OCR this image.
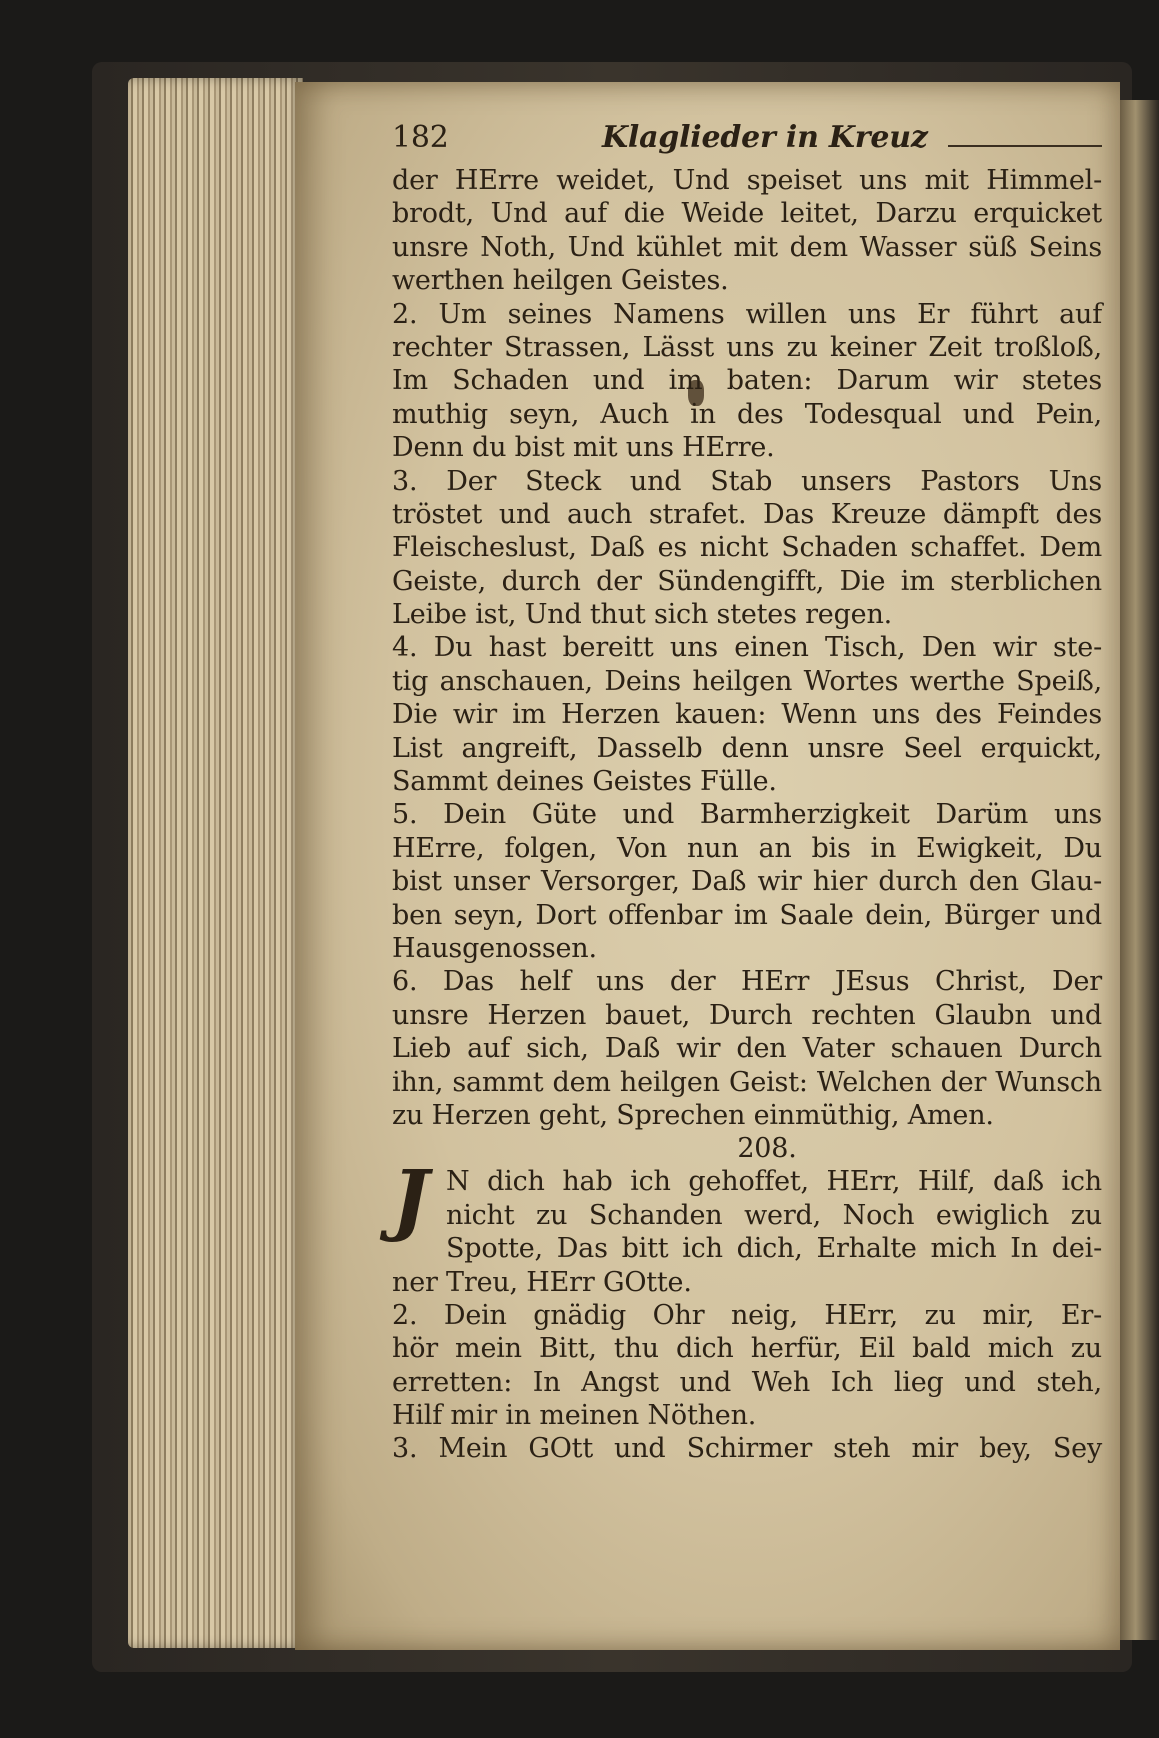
182	Klaglieder in Kreuz
der HErre weidet, Und speiset uns mit Himmel-
brodt, Und auf die Weide leitet, Darzu erquicket
unsre Noth, Und kühlet mit dem Wasser süß Seins
werthen heilgen Geistes.
2. Um seines Namens willen uns Er führt auf
rechter Strassen, Lässt uns zu keiner Zeit troßloß,
Im Schaden und im baten: Darum wir stetes
muthig seyn, Auch in des Todesqual und Pein,
Denn du bist mit uns HErre.
3. Der Steck und Stab unsers Pastors Uns
tröstet und auch strafet. Das Kreuze dämpft des
Fleischeslust, Daß es nicht Schaden schaffet. Dem
Geiste, durch der Sündengifft, Die im sterblichen
Leibe ist, Und thut sich stetes regen.
4. Du hast bereitt uns einen Tisch, Den wir ste-
tig anschauen, Deins heilgen Wortes werthe Speiß,
Die wir im Herzen kauen: Wenn uns des Feindes
List angreift, Dasselb denn unsre Seel erquickt,
Sammt deines Geistes Fülle.
5. Dein Güte und Barmherzigkeit Darüm uns
HErre, folgen, Von nun an bis in Ewigkeit, Du
bist unser Versorger, Daß wir hier durch den Glau-
ben seyn, Dort offenbar im Saale dein, Bürger und
Hausgenossen.
6. Das helf uns der HErr JEsus Christ, Der
unsre Herzen bauet, Durch rechten Glaubn und
Lieb auf sich, Daß wir den Vater schauen Durch
ihn, sammt dem heilgen Geist: Welchen der Wunsch
zu Herzen geht, Sprechen einmüthig, Amen.
208.
J N dich hab ich gehoffet, HErr, Hilf, daß ich
nicht zu Schanden werd, Noch ewiglich zu
Spotte, Das bitt ich dich, Erhalte mich In dei-
ner Treu, HErr GOtte.
2. Dein gnädig Ohr neig, HErr, zu mir, Er-
hör mein Bitt, thu dich herfür, Eil bald mich zu
erretten: In Angst und Weh Ich lieg und steh,
Hilf mir in meinen Nöthen.
3. Mein GOtt und Schirmer steh mir bey, Sey
